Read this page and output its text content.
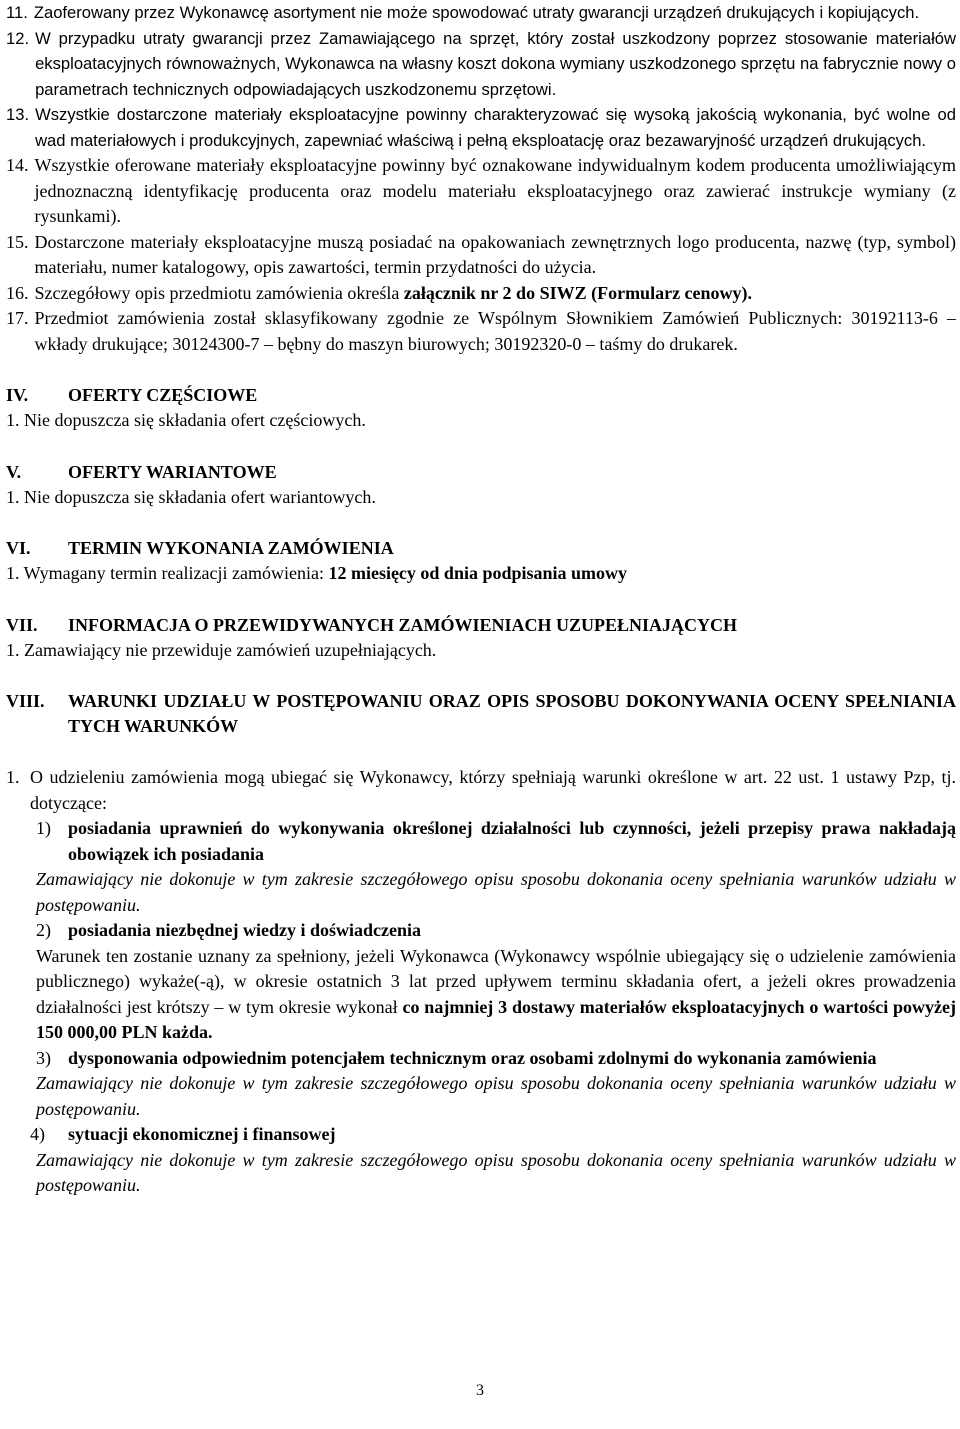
11. Zaoferowany przez Wykonawcę asortyment nie może spowodować utraty gwarancji urządzeń drukujących i kopiujących.
12. W przypadku utraty gwarancji przez Zamawiającego na sprzęt, który został uszkodzony poprzez stosowanie materiałów eksploatacyjnych równoważnych, Wykonawca na własny koszt dokona wymiany uszkodzonego sprzętu na fabrycznie nowy o parametrach technicznych odpowiadających uszkodzonemu sprzętowi.
13. Wszystkie dostarczone materiały eksploatacyjne powinny charakteryzować się wysoką jakością wykonania, być wolne od wad materiałowych i produkcyjnych, zapewniać właściwą i pełną eksploatację oraz bezawaryjność urządzeń drukujących.
14. Wszystkie oferowane materiały eksploatacyjne powinny być oznakowane indywidualnym kodem producenta umożliwiającym jednoznaczną identyfikację producenta oraz modelu materiału eksploatacyjnego oraz zawierać instrukcje wymiany (z rysunkami).
15. Dostarczone materiały eksploatacyjne muszą posiadać na opakowaniach zewnętrznych logo producenta, nazwę (typ, symbol) materiału, numer katalogowy, opis zawartości, termin przydatności do użycia.
16. Szczegółowy opis przedmiotu zamówienia określa załącznik nr 2 do SIWZ (Formularz cenowy).
17. Przedmiot zamówienia został sklasyfikowany zgodnie ze Wspólnym Słownikiem Zamówień Publicznych: 30192113-6 – wkłady drukujące; 30124300-7 – bębny do maszyn biurowych; 30192320-0 – taśmy do drukarek.
IV.	OFERTY CZĘŚCIOWE
1. Nie dopuszcza się składania ofert częściowych.
V.	OFERTY WARIANTOWE
1. Nie dopuszcza się składania ofert wariantowych.
VI.	TERMIN WYKONANIA ZAMÓWIENIA
1. Wymagany termin realizacji zamówienia: 12 miesięcy od dnia podpisania umowy
VII.	INFORMACJA O PRZEWIDYWANYCH ZAMÓWIENIACH UZUPEŁNIAJĄCYCH
1. Zamawiający nie przewiduje zamówień uzupełniających.
VIII.	WARUNKI UDZIAŁU W POSTĘPOWANIU ORAZ OPIS SPOSOBU DOKONYWANIA OCENY SPEŁNIANIA TYCH WARUNKÓW
1. O udzieleniu zamówienia mogą ubiegać się Wykonawcy, którzy spełniają warunki określone w art. 22 ust. 1 ustawy Pzp, tj. dotyczące:
1) posiadania uprawnień do wykonywania określonej działalności lub czynności, jeżeli przepisy prawa nakładają obowiązek ich posiadania
Zamawiający nie dokonuje w tym zakresie szczegółowego opisu sposobu dokonania oceny spełniania warunków udziału w postępowaniu.
2) posiadania niezbędnej wiedzy i doświadczenia
Warunek ten zostanie uznany za spełniony, jeżeli Wykonawca (Wykonawcy wspólnie ubiegający się o udzielenie zamówienia publicznego) wykaże(-ą), w okresie ostatnich 3 lat przed upływem terminu składania ofert, a jeżeli okres prowadzenia działalności jest krótszy – w tym okresie wykonał co najmniej 3 dostawy materiałów eksploatacyjnych o wartości powyżej 150 000,00 PLN każda.
3) dysponowania odpowiednim potencjałem technicznym oraz osobami zdolnymi do wykonania zamówienia
Zamawiający nie dokonuje w tym zakresie szczegółowego opisu sposobu dokonania oceny spełniania warunków udziału w postępowaniu.
4)	sytuacji ekonomicznej i finansowej
Zamawiający nie dokonuje w tym zakresie szczegółowego opisu sposobu dokonania oceny spełniania warunków udziału w postępowaniu.
3
